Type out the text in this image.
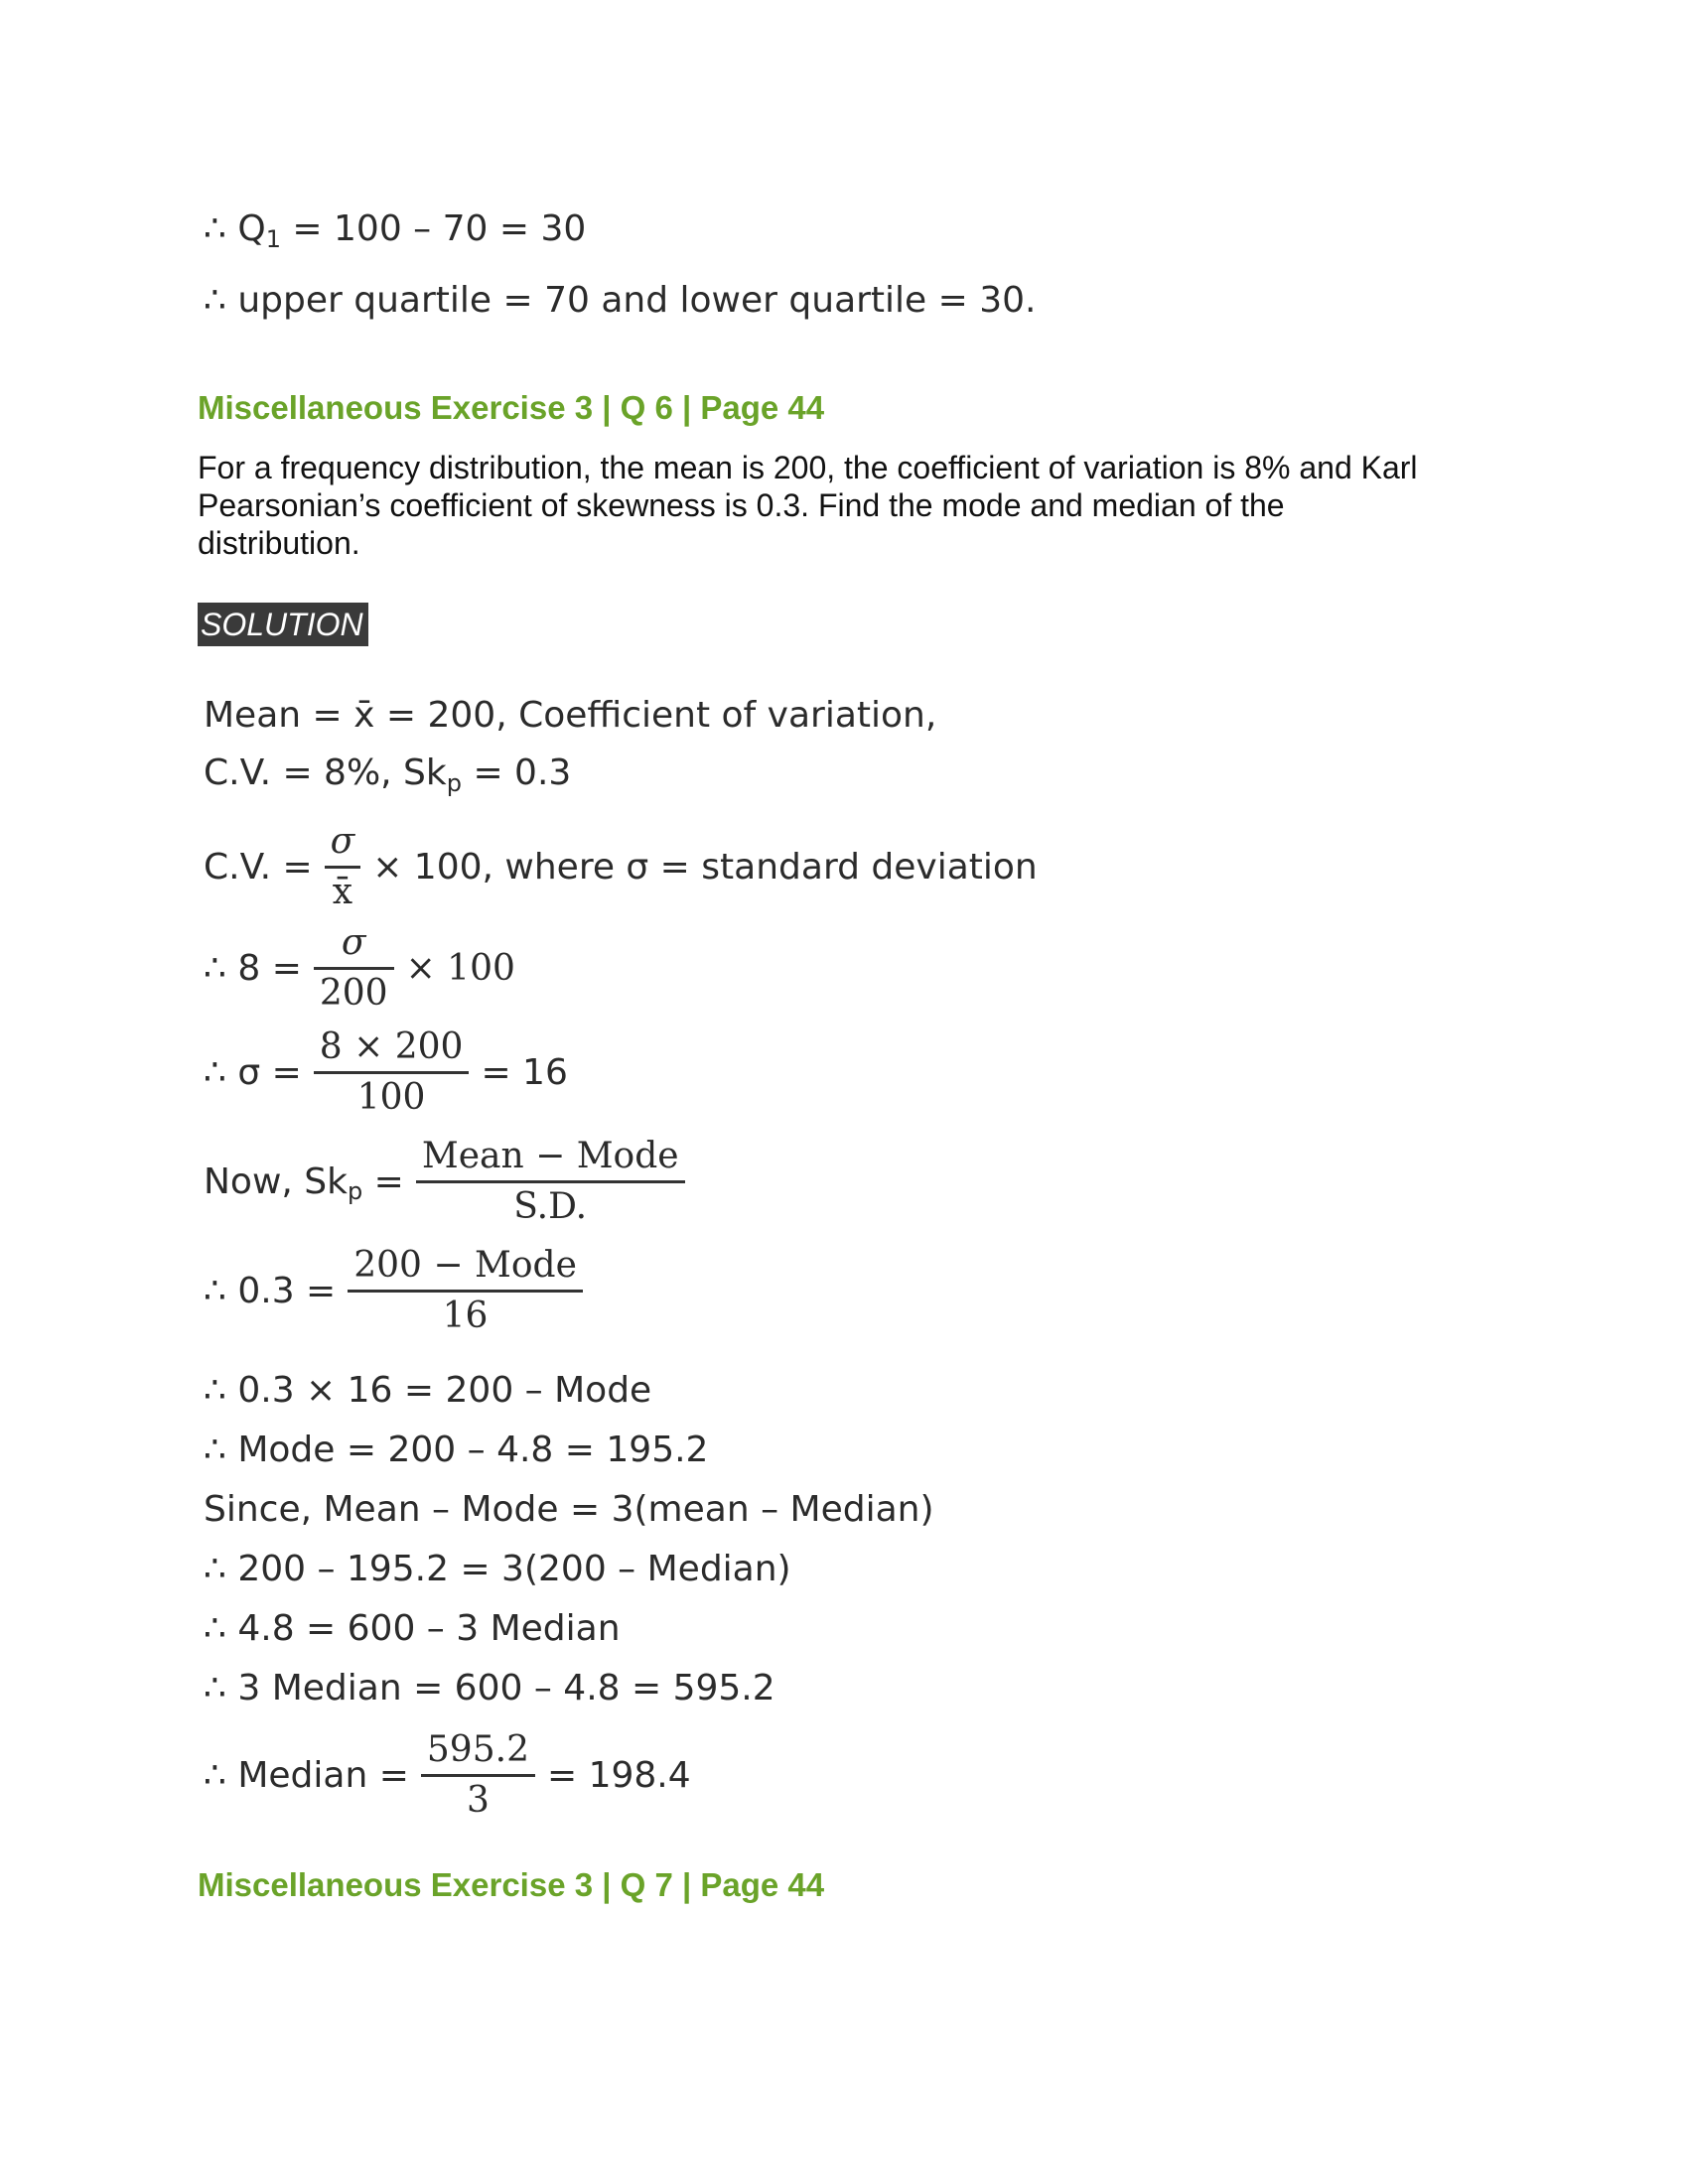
∴ Q 1 = 100 – 70 = 30
∴ upper quartile = 70 and lower quartile = 30.
Miscellaneous Exercise 3 | Q 6 | Page 44
For a frequency distribution, the mean is 200, the coefficient of variation is 8% and Karl
Pearsonian’s coefficient of skewness is 0.3. Find the mode and median of the
distribution.
SOLUTION
Mean = x̄ = 200, Coefficient of variation,
C.V. = 8%, Sk p = 0.3
C.V. = $\frac{\sigma}{x̄} \times 100$, where σ = standard deviation
∴ $8 = \frac{\sigma}{200} \times 100$
∴ $\sigma = \frac{8 \times 200}{100} = 16$
Now, Sk $p = \frac{\text{Mean − Mode}}{S.D.}$
∴ $0.3 = \frac{\text{200 − Mode}}{16}$
∴ 0.3 × 16 = 200 – Mode
∴ Mode = 200 – 4.8 = 195.2
Since, Mean – Mode = 3(mean – Median)
∴ 200 – 195.2 = 3(200 – Median)
∴ 4.8 = 600 – 3 Median
∴ 3 Median = 600 – 4.8 = 595.2
∴ Median = $\frac{595.2}{3} = 198.4$
Miscellaneous Exercise 3 | Q 7 | Page 44
